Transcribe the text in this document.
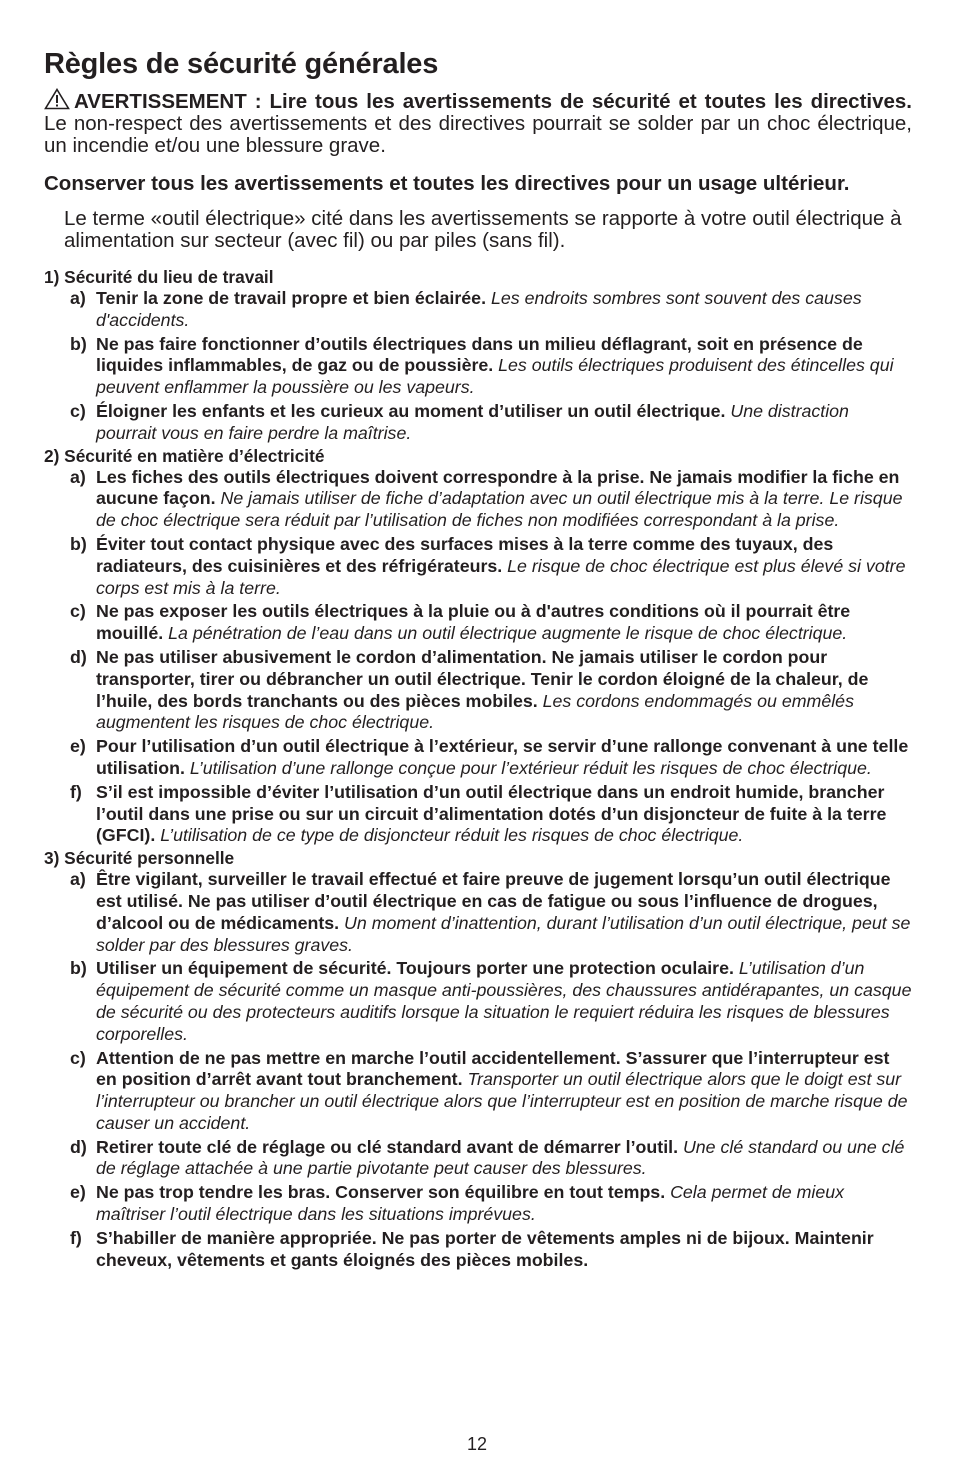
Règles de sécurité générales

AVERTISSEMENT : Lire tous les avertissements de sécurité et toutes les directives. Le non-respect des avertissements et des directives pourrait se solder par un choc électrique, un incendie et/ou une blessure grave.

Conserver tous les avertissements et toutes les directives pour un usage ultérieur.

Le terme «outil électrique» cité dans les avertissements se rapporte à votre outil électrique à alimentation sur secteur (avec fil) ou par piles (sans fil).

1) Sécurité du lieu de travail

a) Tenir la zone de travail propre et bien éclairée. Les endroits sombres sont souvent des causes d'accidents.

b) Ne pas faire fonctionner d’outils électriques dans un milieu déflagrant, soit en présence de liquides inflammables, de gaz ou de poussière. Les outils électriques produisent des étincelles qui peuvent enflammer la poussière ou les vapeurs.

c) Éloigner les enfants et les curieux au moment d’utiliser un outil électrique. Une distraction pourrait vous en faire perdre la maîtrise.

2) Sécurité en matière d’électricité

a) Les fiches des outils électriques doivent correspondre à la prise. Ne jamais modifier la fiche en aucune façon. Ne jamais utiliser de fiche d’adaptation avec un outil électrique mis à la terre. Le risque de choc électrique sera réduit par l’utilisation de fiches non modifiées correspondant à la prise.

b) Éviter tout contact physique avec des surfaces mises à la terre comme des tuyaux, des radiateurs, des cuisinières et des réfrigérateurs. Le risque de choc électrique est plus élevé si votre corps est mis à la terre.

c) Ne pas exposer les outils électriques à la pluie ou à d'autres conditions où il pourrait être mouillé. La pénétration de l’eau dans un outil électrique augmente le risque de choc électrique.

d) Ne pas utiliser abusivement le cordon d’alimentation. Ne jamais utiliser le cordon pour transporter, tirer ou débrancher un outil électrique. Tenir le cordon éloigné de la chaleur, de l’huile, des bords tranchants ou des pièces mobiles. Les cordons endommagés ou emmêlés augmentent les risques de choc électrique.

e) Pour l’utilisation d’un outil électrique à l’extérieur, se servir d’une rallonge convenant à une telle utilisation. L’utilisation d’une rallonge conçue pour l’extérieur réduit les risques de choc électrique.

f) S’il est impossible d’éviter l’utilisation d’un outil électrique dans un endroit humide, brancher l’outil dans une prise ou sur un circuit d’alimentation dotés d’un disjoncteur de fuite à la terre (GFCI). L’utilisation de ce type de disjoncteur réduit les risques de choc électrique.

3) Sécurité personnelle

a) Être vigilant, surveiller le travail effectué et faire preuve de jugement lorsqu’un outil électrique est utilisé. Ne pas utiliser d’outil électrique en cas de fatigue ou sous l’influence de drogues, d’alcool ou de médicaments. Un moment d’inattention, durant l’utilisation d’un outil électrique, peut se solder par des blessures graves.

b) Utiliser un équipement de sécurité. Toujours porter une protection oculaire. L’utilisation d’un équipement de sécurité comme un masque anti-poussières, des chaussures antidérapantes, un casque de sécurité ou des protecteurs auditifs lorsque la situation le requiert réduira les risques de blessures corporelles.

c) Attention de ne pas mettre en marche l’outil accidentellement. S’assurer que l’interrupteur est en position d’arrêt avant tout branchement. Transporter un outil électrique alors que le doigt est sur l’interrupteur ou brancher un outil électrique alors que l’interrupteur est en position de marche risque de causer un accident.

d) Retirer toute clé de réglage ou clé standard avant de démarrer l’outil. Une clé standard ou une clé de réglage attachée à une partie pivotante peut causer des blessures.

e) Ne pas trop tendre les bras. Conserver son équilibre en tout temps. Cela permet de mieux maîtriser l’outil électrique dans les situations imprévues.

f) S’habiller de manière appropriée. Ne pas porter de vêtements amples ni de bijoux. Maintenir cheveux, vêtements et gants éloignés des pièces mobiles.

12
